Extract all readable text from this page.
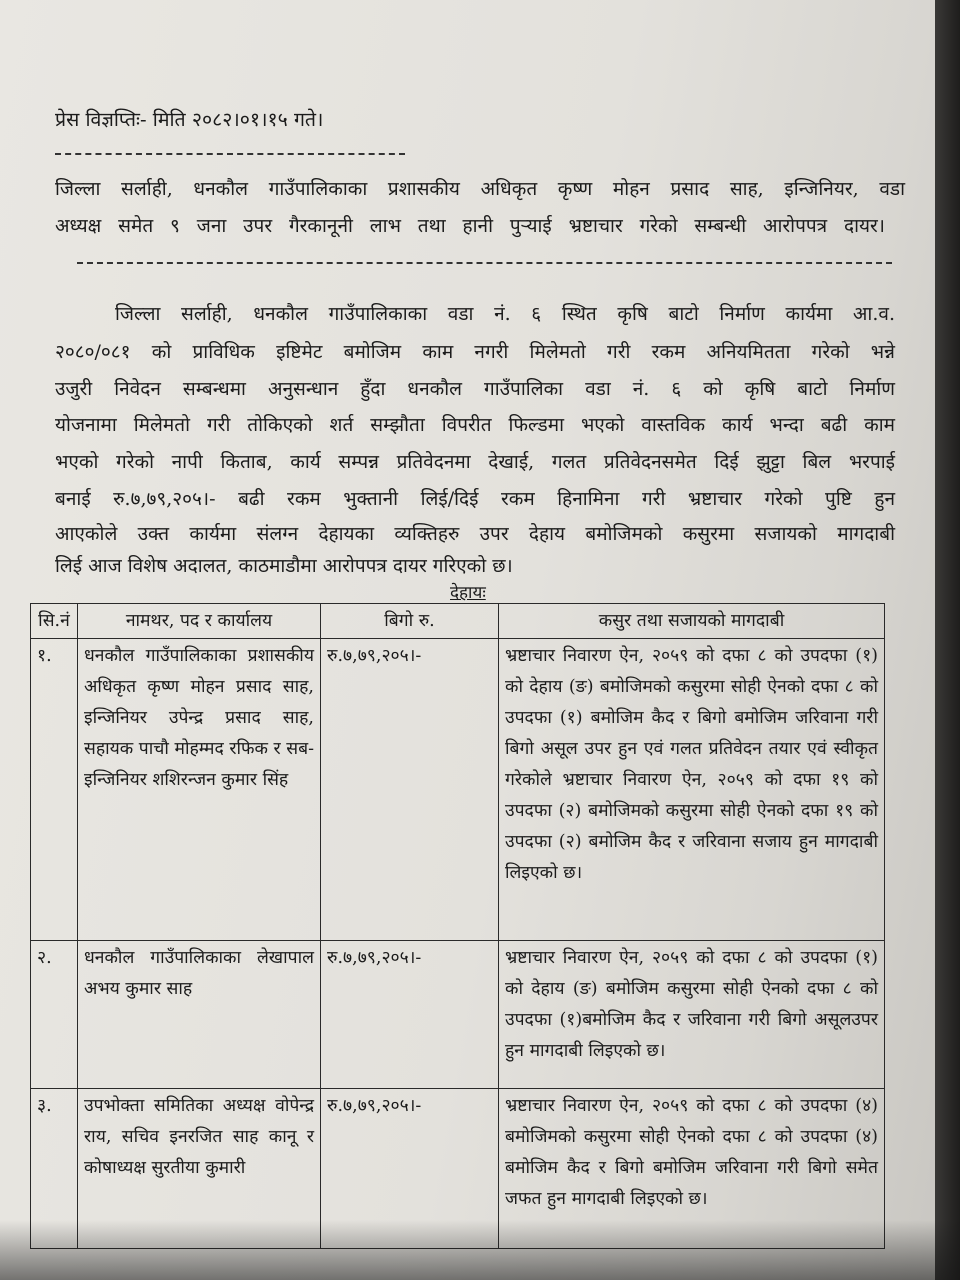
प्रेस विज्ञप्तिः- मिति २०८२।०१।१५ गते।
जिल्ला सर्लाही, धनकौल गाउँपालिकाका प्रशासकीय अधिकृत कृष्ण मोहन प्रसाद साह, इन्जिनियर, वडा
अध्यक्ष समेत ९ जना उपर गैरकानूनी लाभ तथा हानी पुर्‍याई भ्रष्टाचार गरेको सम्बन्धी आरोपपत्र दायर।
जिल्ला सर्लाही, धनकौल गाउँपालिकाका वडा नं. ६ स्थित कृषि बाटो निर्माण कार्यमा आ.व.
२०८०/०८१ को प्राविधिक इष्टिमेट बमोजिम काम नगरी मिलेमतो गरी रकम अनियमितता गरेको भन्ने
उजुरी निवेदन सम्बन्धमा अनुसन्धान हुँदा धनकौल गाउँपालिका वडा नं. ६ को कृषि बाटो निर्माण
योजनामा मिलेमतो गरी तोकिएको शर्त सम्झौता विपरीत फिल्डमा भएको वास्तविक कार्य भन्दा बढी काम
भएको गरेको नापी किताब, कार्य सम्पन्न प्रतिवेदनमा देखाई, गलत प्रतिवेदनसमेत दिई झुट्टा बिल भरपाई
बनाई रु.७,७९,२०५।- बढी रकम भुक्तानी लिई/दिई रकम हिनामिना गरी भ्रष्टाचार गरेको पुष्टि हुन
आएकोले उक्त कार्यमा संलग्न देहायका व्यक्तिहरु उपर देहाय बमोजिमको कसुरमा सजायको मागदाबी
लिई आज विशेष अदालत, काठमाडौमा आरोपपत्र दायर गरिएको छ।
देहायः
सि.नं	नामथर, पद र कार्यालय	बिगो रु.	कसुर तथा सजायको मागदाबी
१.	धनकौल गाउँपालिकाका प्रशासकीय अधिकृत कृष्ण मोहन प्रसाद साह, इन्जिनियर उपेन्द्र प्रसाद साह, सहायक पाचौ मोहम्मद रफिक र सब-इन्जिनियर शशिरन्जन कुमार सिंह	रु.७,७९,२०५।-	भ्रष्टाचार निवारण ऐन, २०५९ को दफा ८ को उपदफा (१) को देहाय (ङ) बमोजिमको कसुरमा सोही ऐनको दफा ८ को उपदफा (१) बमोजिम कैद र बिगो बमोजिम जरिवाना गरी बिगो असूल उपर हुन एवं गलत प्रतिवेदन तयार एवं स्वीकृत गरेकोले भ्रष्टाचार निवारण ऐन, २०५९ को दफा १९ को उपदफा (२) बमोजिमको कसुरमा सोही ऐनको दफा १९ को उपदफा (२) बमोजिम कैद र जरिवाना सजाय हुन मागदाबी लिइएको छ।
२.	धनकौल गाउँपालिकाका लेखापाल अभय कुमार साह	रु.७,७९,२०५।-	भ्रष्टाचार निवारण ऐन, २०५९ को दफा ८ को उपदफा (१) को देहाय (ङ) बमोजिम कसुरमा सोही ऐनको दफा ८ को उपदफा (१)बमोजिम कैद र जरिवाना गरी बिगो असूलउपर हुन मागदाबी लिइएको छ।
३.	उपभोक्ता समितिका अध्यक्ष वोपेन्द्र राय, सचिव इनरजित साह कानू र कोषाध्यक्ष सुरतीया कुमारी	रु.७,७९,२०५।-	भ्रष्टाचार निवारण ऐन, २०५९ को दफा ८ को उपदफा (४) बमोजिमको कसुरमा सोही ऐनको दफा ८ को उपदफा (४) बमोजिम कैद र बिगो बमोजिम जरिवाना गरी बिगो समेत जफत हुन मागदाबी लिइएको छ।
